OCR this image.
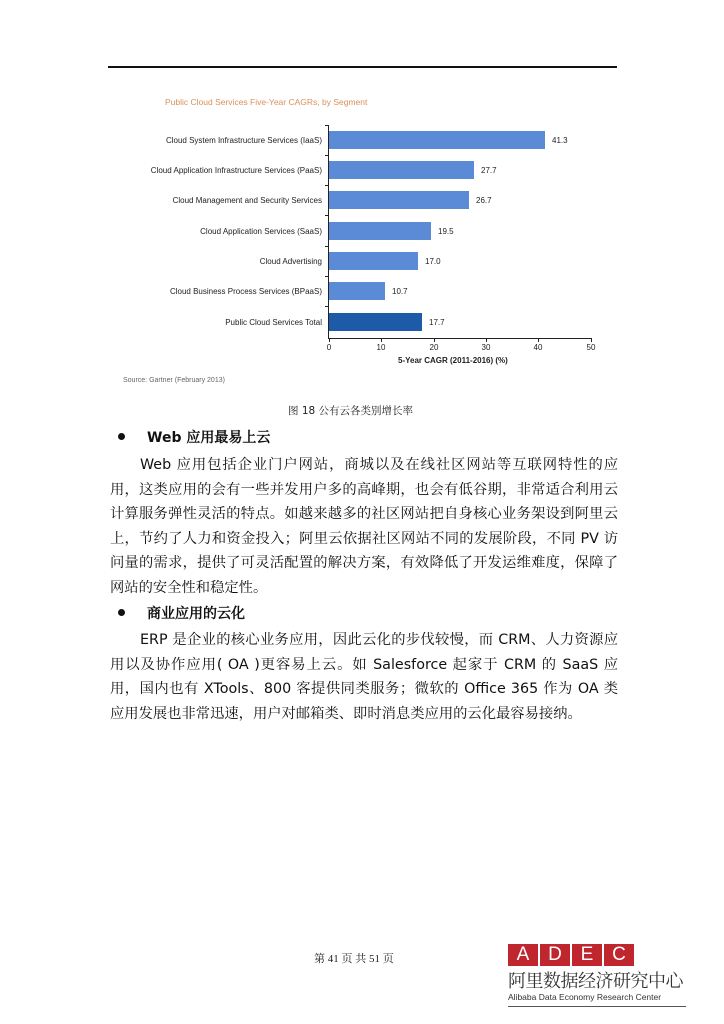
Public Cloud Services Five-Year CAGRs, by Segment
Cloud System Infrastructure Services (IaaS)	41.3
Cloud Application Infrastructure Services (PaaS)	27.7
Cloud Management and Security Services	26.7
Cloud Application Services (SaaS)	19.5
Cloud Advertising	17.0
Cloud Business Process Services (BPaaS)	10.7
Public Cloud Services Total	17.7
0	10	20	30	40	50
5-Year CAGR (2011-2016) (%)
Source: Gartner (February 2013)
图 18 公有云各类别增长率
Web 应用最易上云
Web 应用包括企业门户网站，商城以及在线社区网站等互联网特性的应用，这类应用的会有一些并发用户多的高峰期，也会有低谷期，非常适合利用云计算服务弹性灵活的特点。如越来越多的社区网站把自身核心业务架设到阿里云上，节约了人力和资金投入；阿里云依据社区网站不同的发展阶段，不同 PV 访问量的需求，提供了可灵活配置的解决方案，有效降低了开发运维难度，保障了网站的安全性和稳定性。
商业应用的云化
ERP 是企业的核心业务应用，因此云化的步伐较慢，而 CRM、人力资源应用以及协作应用( OA )更容易上云。如 Salesforce 起家于 CRM 的 SaaS 应用，国内也有 XTools、800 客提供同类服务；微软的 Office 365 作为 OA 类应用发展也非常迅速，用户对邮箱类、即时消息类应用的云化最容易接纳。
第 41 页 共 51 页	A D E C
阿里数据经济研究中心
Alibaba Data Economy Research Center
